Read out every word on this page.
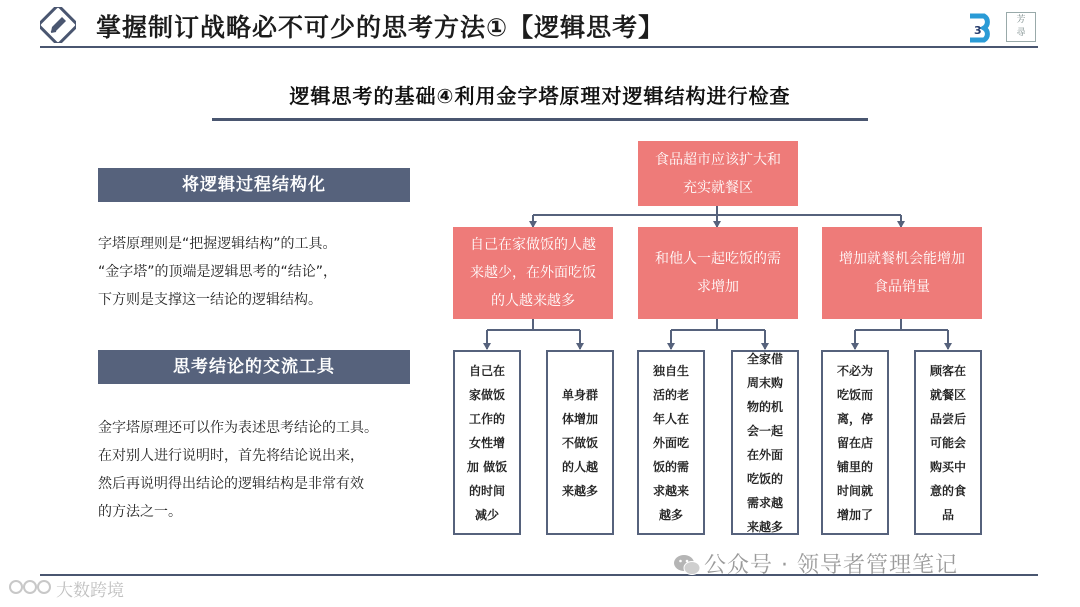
掌握制订战略必不可少的思考方法①【逻辑思考】	3
芳
尋
逻辑思考的基础④利用金字塔原理对逻辑结构进行检查
将逻辑过程结构化
字塔原理则是“把握逻辑结构”的工具。
“金字塔”的顶端是逻辑思考的“结论”，
下方则是支撑这一结论的逻辑结构。
思考结论的交流工具
金字塔原理还可以作为表述思考结论的工具。
在对别人进行说明时，首先将结论说出来，
然后再说明得出结论的逻辑结构是非常有效
的方法之一。
食品超市应该扩大和
充实就餐区
自己在家做饭的人越
来越少，在外面吃饭
的人越来越多
和他人一起吃饭的需
求增加
增加就餐机会能增加
食品销量
自己在
家做饭
工作的
女性增
加 做饭
的时间
减少
单身群
体增加
不做饭
的人越
来越多
独自生
活的老
年人在
外面吃
饭的需
求越来
越多
全家借
周末购
物的机
会一起
在外面
吃饭的
需求越
来越多
不必为
吃饭而
离，停
留在店
铺里的
时间就
增加了
顾客在
就餐区
品尝后
可能会
购买中
意的食
品
公众号 · 领导者管理笔记
大数跨境
